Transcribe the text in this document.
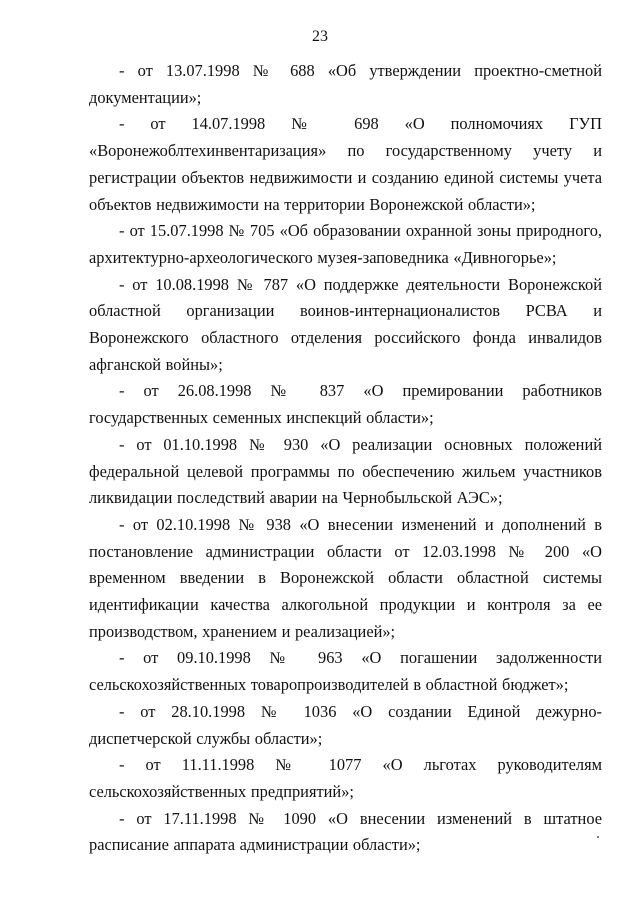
23

- от 13.07.1998 № 688 «Об утверждении проектно-сметной документации»;

- от 14.07.1998 № 698 «О полномочиях ГУП «Воронежоблтехинвентаризация» по государственному учету и регистрации объектов недвижимости и созданию единой системы учета объектов недвижимости на территории Воронежской области»;

- от 15.07.1998 № 705 «Об образовании охранной зоны природного, архитектурно-археологического музея-заповедника «Дивногорье»;

- от 10.08.1998 № 787 «О поддержке деятельности Воронежской областной организации воинов-интернационалистов РСВА и Воронежского областного отделения российского фонда инвалидов афганской войны»;

- от 26.08.1998 № 837 «О премировании работников государственных семенных инспекций области»;

- от 01.10.1998 № 930 «О реализации основных положений федеральной целевой программы по обеспечению жильем участников ликвидации последствий аварии на Чернобыльской АЭС»;

- от 02.10.1998 № 938 «О внесении изменений и дополнений в постановление администрации области от 12.03.1998 № 200 «О временном введении в Воронежской области областной системы идентификации качества алкогольной продукции и контроля за ее производством, хранением и реализацией»;

- от 09.10.1998 № 963 «О погашении задолженности сельскохозяйственных товаропроизводителей в областной бюджет»;

- от 28.10.1998 № 1036 «О создании Единой дежурно-диспетчерской службы области»;

- от 11.11.1998 № 1077 «О льготах руководителям сельскохозяйственных предприятий»;

- от 17.11.1998 № 1090 «О внесении изменений в штатное расписание аппарата администрации области»;
